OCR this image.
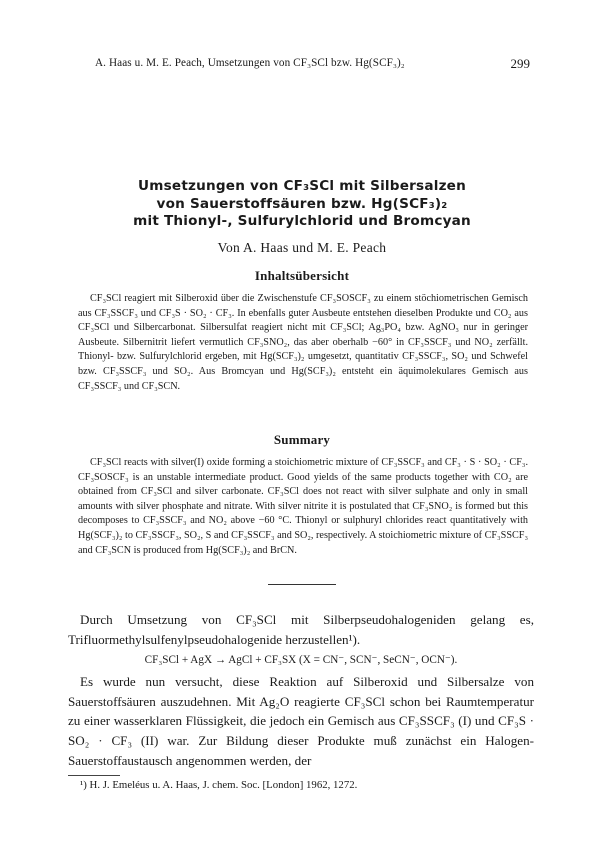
A. Haas u. M. E. Peach, Umsetzungen von CF₃SCl bzw. Hg(SCF₃)₂	299
Umsetzungen von CF₃SCl mit Silbersalzen
von Sauerstoffsäuren bzw. Hg(SCF₃)₂
mit Thionyl-, Sulfurylchlorid und Bromcyan
Von A. Haas und M. E. Peach
Inhaltsübersicht

CF₃SCl reagiert mit Silberoxid über die Zwischenstufe CF₃SOSCF₃ zu einem stöchiometrischen Gemisch aus CF₃SSCF₃ und CF₃S · SO₂ · CF₃. In ebenfalls guter Ausbeute entstehen dieselben Produkte und CO₂ aus CF₃SCl und Silbercarbonat. Silbersulfat reagiert nicht mit CF₃SCl; Ag₃PO₄ bzw. AgNO₃ nur in geringer Ausbeute. Silbernitrit liefert vermutlich CF₃SNO₂, das aber oberhalb −60° in CF₃SSCF₃ und NO₂ zerfällt. Thionyl- bzw. Sulfurylchlorid ergeben, mit Hg(SCF₃)₂ umgesetzt, quantitativ CF₃SSCF₃, SO₂ und Schwefel bzw. CF₃SSCF₃ und SO₂. Aus Bromcyan und Hg(SCF₃)₂ entsteht ein äquimolekulares Gemisch aus CF₃SSCF₃ und CF₃SCN.

Summary

CF₃SCl reacts with silver(I) oxide forming a stoichiometric mixture of CF₃SSCF₃ and CF₃ · S · SO₂ · CF₃. CF₃SOSCF₃ is an unstable intermediate product. Good yields of the same products together with CO₂ are obtained from CF₃SCl and silver carbonate. CF₃SCl does not react with silver sulphate and only in small amounts with silver phosphate and nitrate. With silver nitrite it is postulated that CF₃SNO₂ is formed but this decomposes to CF₃SSCF₃ and NO₂ above −60 °C. Thionyl or sulphuryl chlorides react quantitatively with Hg(SCF₃)₂ to CF₃SSCF₃, SO₂, S and CF₃SSCF₃ and SO₂, respectively. A stoichiometric mixture of CF₃SSCF₃ and CF₃SCN is produced from Hg(SCF₃)₂ and BrCN.

Durch Umsetzung von CF₃SCl mit Silberpseudohalogeniden gelang es, Trifluormethylsulfenylpseudohalogenide herzustellen¹).

CF₃SCl + AgX → AgCl + CF₃SX (X = CN⁻, SCN⁻, SeCN⁻, OCN⁻).

Es wurde nun versucht, diese Reaktion auf Silberoxid und Silbersalze von Sauerstoffsäuren auszudehnen. Mit Ag₂O reagierte CF₃SCl schon bei Raumtemperatur zu einer wasserklaren Flüssigkeit, die jedoch ein Gemisch aus CF₃SSCF₃ (I) und CF₃S · SO₂ · CF₃ (II) war. Zur Bildung dieser Produkte muß zunächst ein Halogen-Sauerstoffaustausch angenommen werden, der

¹) H. J. Emeléus u. A. Haas, J. chem. Soc. [London] 1962, 1272.
